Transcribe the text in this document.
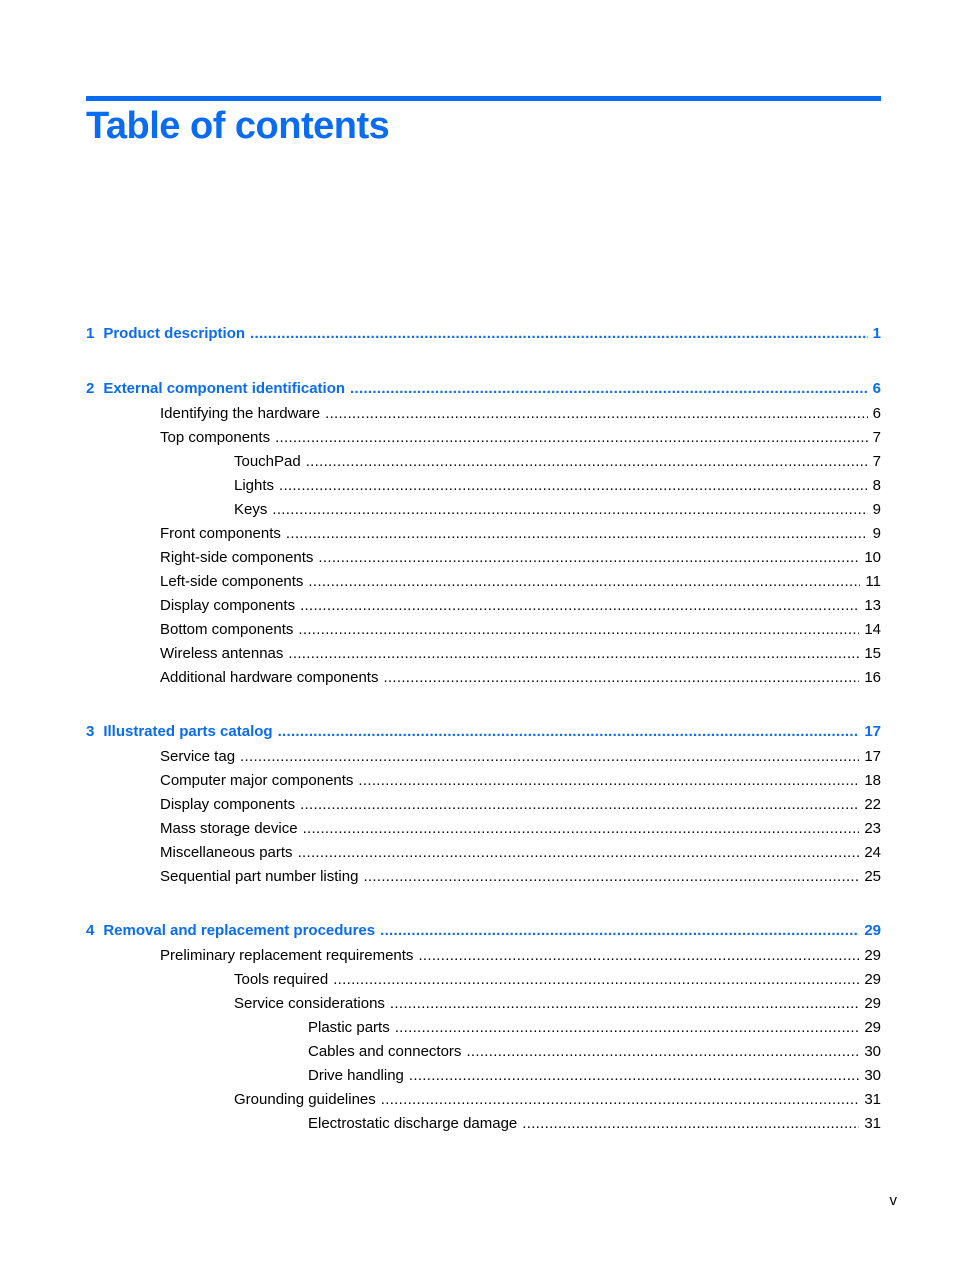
Table of contents
1 Product description .....	1
2 External component identification .....	6
Identifying the hardware .....	6
Top components .....	7
TouchPad .....	7
Lights .....	8
Keys .....	9
Front components .....	9
Right-side components .....	10
Left-side components .....	11
Display components .....	13
Bottom components .....	14
Wireless antennas .....	15
Additional hardware components .....	16
3 Illustrated parts catalog .....	17
Service tag .....	17
Computer major components .....	18
Display components .....	22
Mass storage device .....	23
Miscellaneous parts .....	24
Sequential part number listing .....	25
4 Removal and replacement procedures .....	29
Preliminary replacement requirements .....	29
Tools required .....	29
Service considerations .....	29
Plastic parts .....	29
Cables and connectors .....	30
Drive handling .....	30
Grounding guidelines .....	31
Electrostatic discharge damage .....	31
v
